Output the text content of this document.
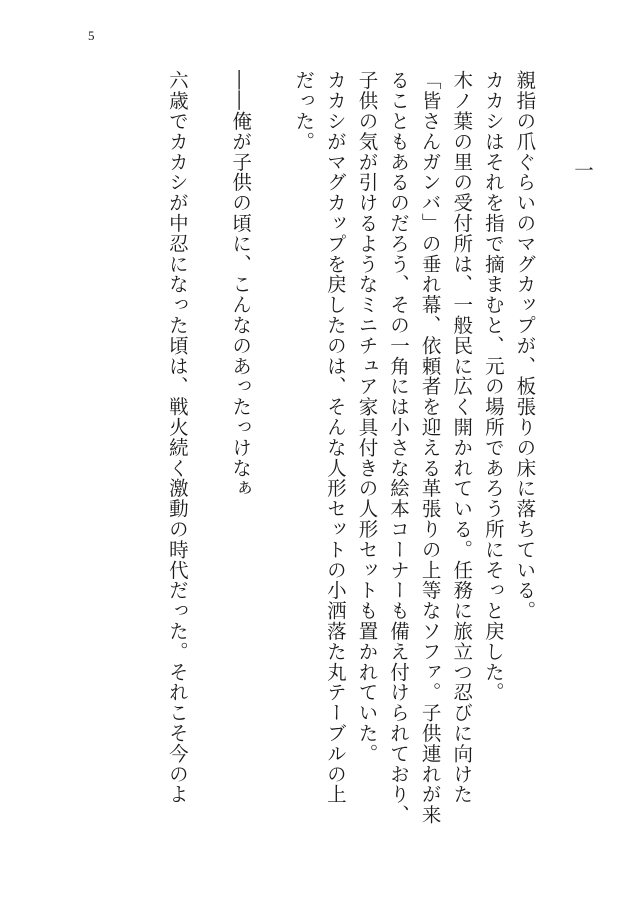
5
一
親指の爪ぐらいのマグカップが、板張りの床に落ちている。
カカシはそれを指で摘まむと、元の場所であろう所にそっと戻した。
木ノ葉の里の受付所は、一般民に広く開かれている。任務に旅立つ忍びに向けた
「皆さんガンバ」の垂れ幕、依頼者を迎える革張りの上等なソファ。子供連れが来
ることもあるのだろう、その一角には小さな絵本コーナーも備え付けられており、
子供の気が引けるようなミニチュア家具付きの人形セットも置かれていた。
カカシがマグカップを戻したのは、そんな人形セットの小洒落た丸テーブルの上
だった。

――俺が子供の頃に、こんなのあったっけなぁ

六歳でカカシが中忍になった頃は、戦火続く激動の時代だった。それこそ今のよ
